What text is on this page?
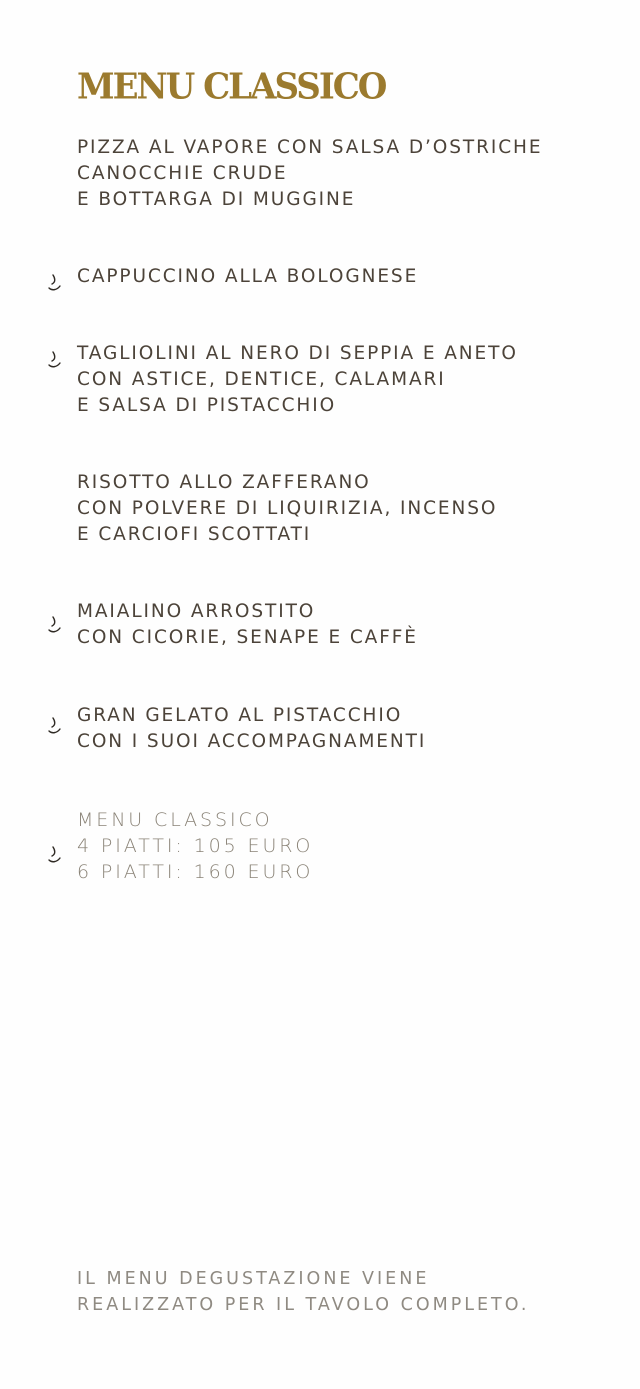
MENU CLASSICO
PIZZA AL VAPORE CON SALSA D’OSTRICHE
CANOCCHIE CRUDE
E BOTTARGA DI MUGGINE
CAPPUCCINO ALLA BOLOGNESE
TAGLIOLINI AL NERO DI SEPPIA E ANETO
CON ASTICE, DENTICE, CALAMARI
E SALSA DI PISTACCHIO
RISOTTO ALLO ZAFFERANO
CON POLVERE DI LIQUIRIZIA, INCENSO
E CARCIOFI SCOTTATI
MAIALINO ARROSTITO
CON CICORIE, SENAPE E CAFFÈ
GRAN GELATO AL PISTACCHIO
CON I SUOI ACCOMPAGNAMENTI
MENU CLASSICO
4 PIATTI: 105 EURO
6 PIATTI: 160 EURO
IL MENU DEGUSTAZIONE VIENE
REALIZZATO PER IL TAVOLO COMPLETO.
